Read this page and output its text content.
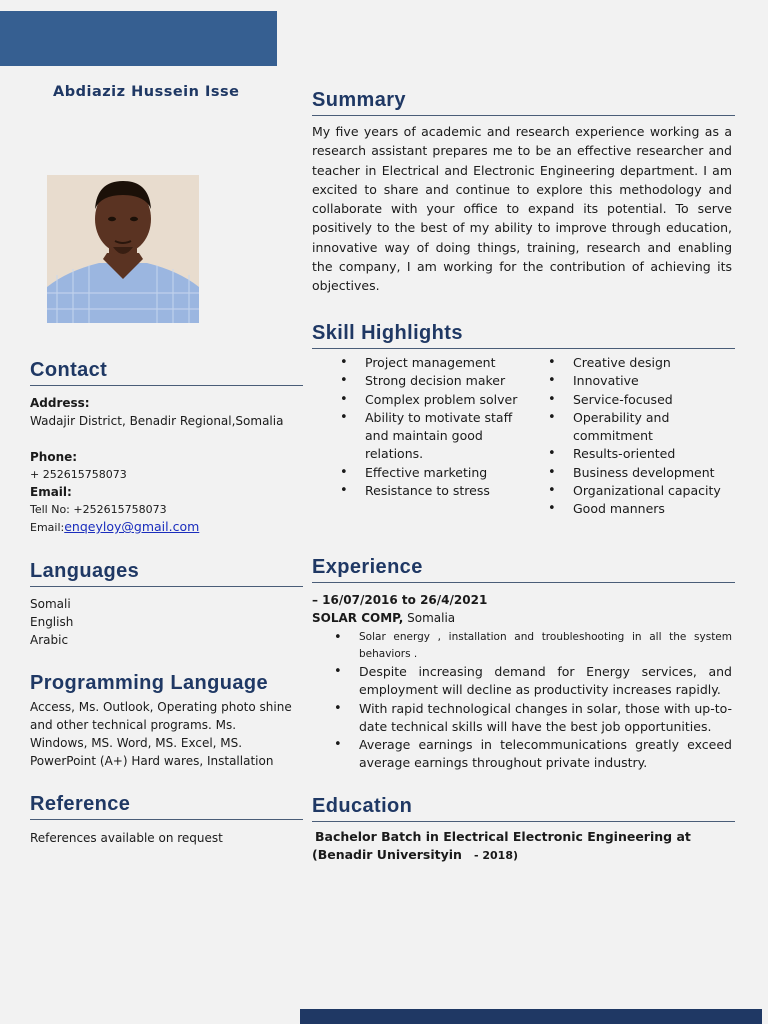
Abdiaziz Hussein Isse
Contact
Address:
Wadajir District, Benadir Regional,Somalia
Phone:
+ 252615758073
Email:
Tell No: +252615758073
Email:enqeyloy@gmail.com
Languages
Somali
English
Arabic
Programming Language
Access, Ms. Outlook, Operating photo shine and other technical programs. Ms. Windows, MS. Word, MS. Excel, MS. PowerPoint (A+) Hard wares, Installation
Reference
References available on request
Summary
My five years of academic and research experience working as a research assistant prepares me to be an effective researcher and teacher in Electrical and Electronic Engineering department. I am excited to share and continue to explore this methodology and collaborate with your office to expand its potential. To serve positively to the best of my ability to improve through education, innovative way of doing things, training, research and enabling the company, I am working for the contribution of achieving its objectives.
Skill Highlights
• Project management
• Strong decision maker
• Complex problem solver
• Ability to motivate staff and maintain good relations.
• Effective marketing
• Resistance to stress
• Creative design
• Innovative
• Service-focused
• Operability and commitment
• Results-oriented
• Business development
• Organizational capacity
• Good manners
Experience
– 16/07/2016 to 26/4/2021
SOLAR COMP, Somalia
• Solar energy , installation and troubleshooting in all the system behaviors .
• Despite increasing demand for Energy services, and employment will decline as productivity increases rapidly.
• With rapid technological changes in solar, those with up-to-date technical skills will have the best job opportunities.
• Average earnings in telecommunications greatly exceed average earnings throughout private industry.
Education
Bachelor Batch in Electrical Electronic Engineering at
(Benadir Universityin - 2018)
